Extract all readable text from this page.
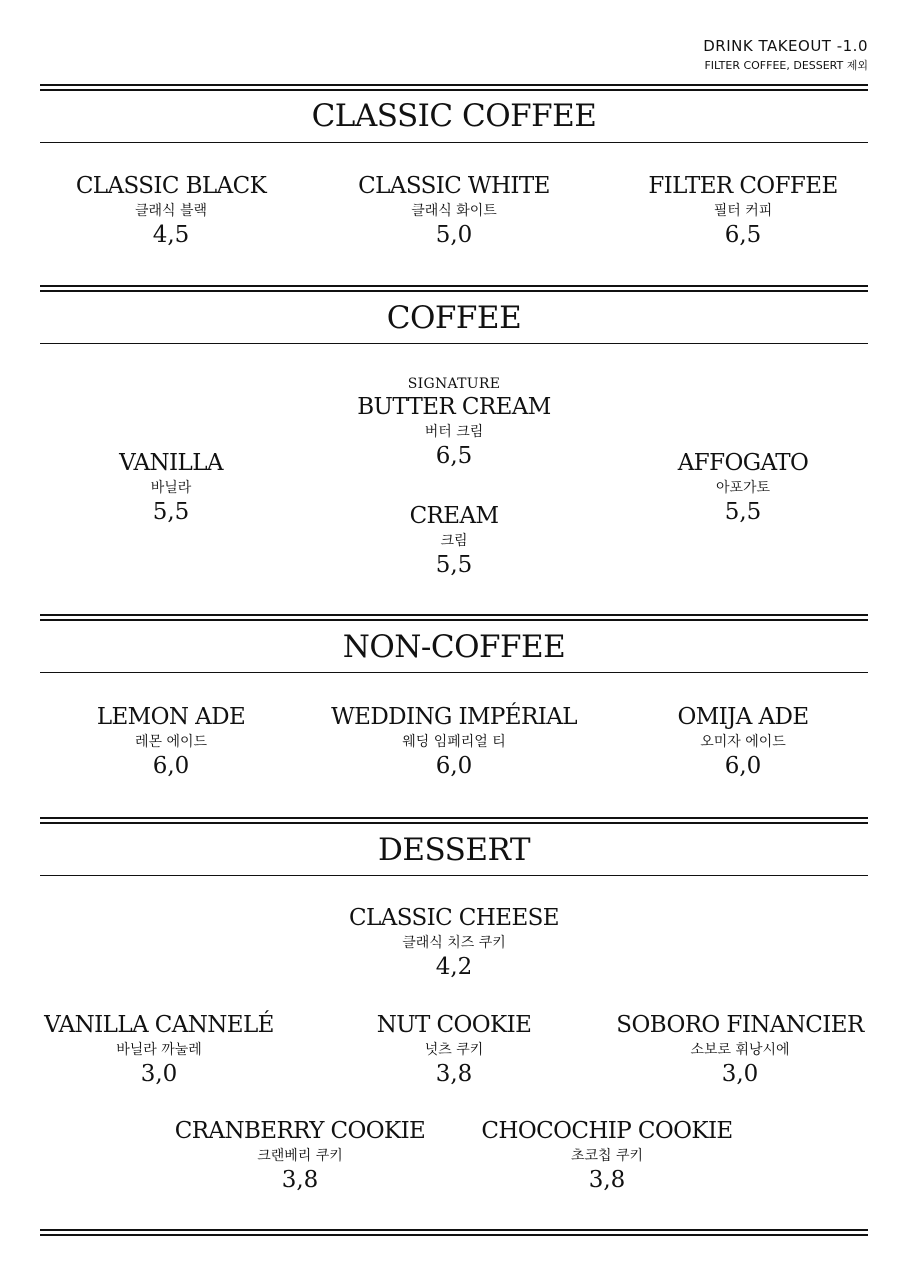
DRINK TAKEOUT -1.0
FILTER COFFEE, DESSERT 제외
CLASSIC COFFEE
CLASSIC BLACK
클래식 블랙
4,5
CLASSIC WHITE
클래식 화이트
5,0
FILTER COFFEE
필터 커피
6,5
COFFEE
VANILLA
바닐라
5,5
SIGNATURE
BUTTER CREAM
버터 크림
6,5
CREAM
크림
5,5
AFFOGATO
아포가토
5,5
NON-COFFEE
LEMON ADE
레몬 에이드
6,0
WEDDING IMPÉRIAL
웨딩 임페리얼 티
6,0
OMIJA ADE
오미자 에이드
6,0
DESSERT
CLASSIC CHEESE
클래식 치즈 쿠키
4,2
VANILLA CANNELÉ
바닐라 까눌레
3,0
NUT COOKIE
넛츠 쿠키
3,8
SOBORO FINANCIER
소보로 휘낭시에
3,0
CRANBERRY COOKIE
크랜베리 쿠키
3,8
CHOCOCHIP COOKIE
초코칩 쿠키
3,8
